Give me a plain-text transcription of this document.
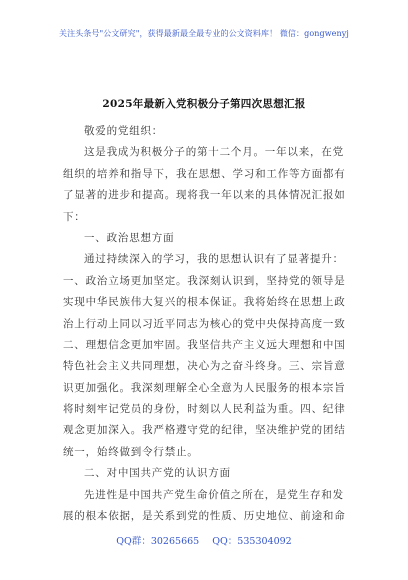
关注头条号"公文研究"，获得最新最全最专业的公文资料库！ 微信：gongwenyj
2025年最新入党积极分子第四次思想汇报
敬爱的党组织：
这是我成为积极分子的第十二个月。一年以来，在党
组织的培养和指导下，我在思想、学习和工作等方面都有
了显著的进步和提高。现将我一年以来的具体情况汇报如
下：
一、政治思想方面
通过持续深入的学习，我的思想认识有了显著提升：
一、政治立场更加坚定。我深刻认识到，坚持党的领导是
实现中华民族伟大复兴的根本保证。我将始终在思想上政
治上行动上同以习近平同志为核心的党中央保持高度一致
二、理想信念更加牢固。我坚信共产主义远大理想和中国
特色社会主义共同理想，决心为之奋斗终身。三、宗旨意
识更加强化。我深刻理解全心全意为人民服务的根本宗旨
将时刻牢记党员的身份，时刻以人民利益为重。四、纪律
观念更加深入。我严格遵守党的纪律，坚决维护党的团结
统一，始终做到令行禁止。
二、对中国共产党的认识方面
先进性是中国共产党生命价值之所在，是党生存和发
展的根本依据，是关系到党的性质、历史地位、前途和命
QQ群：30265665 QQ：535304092
